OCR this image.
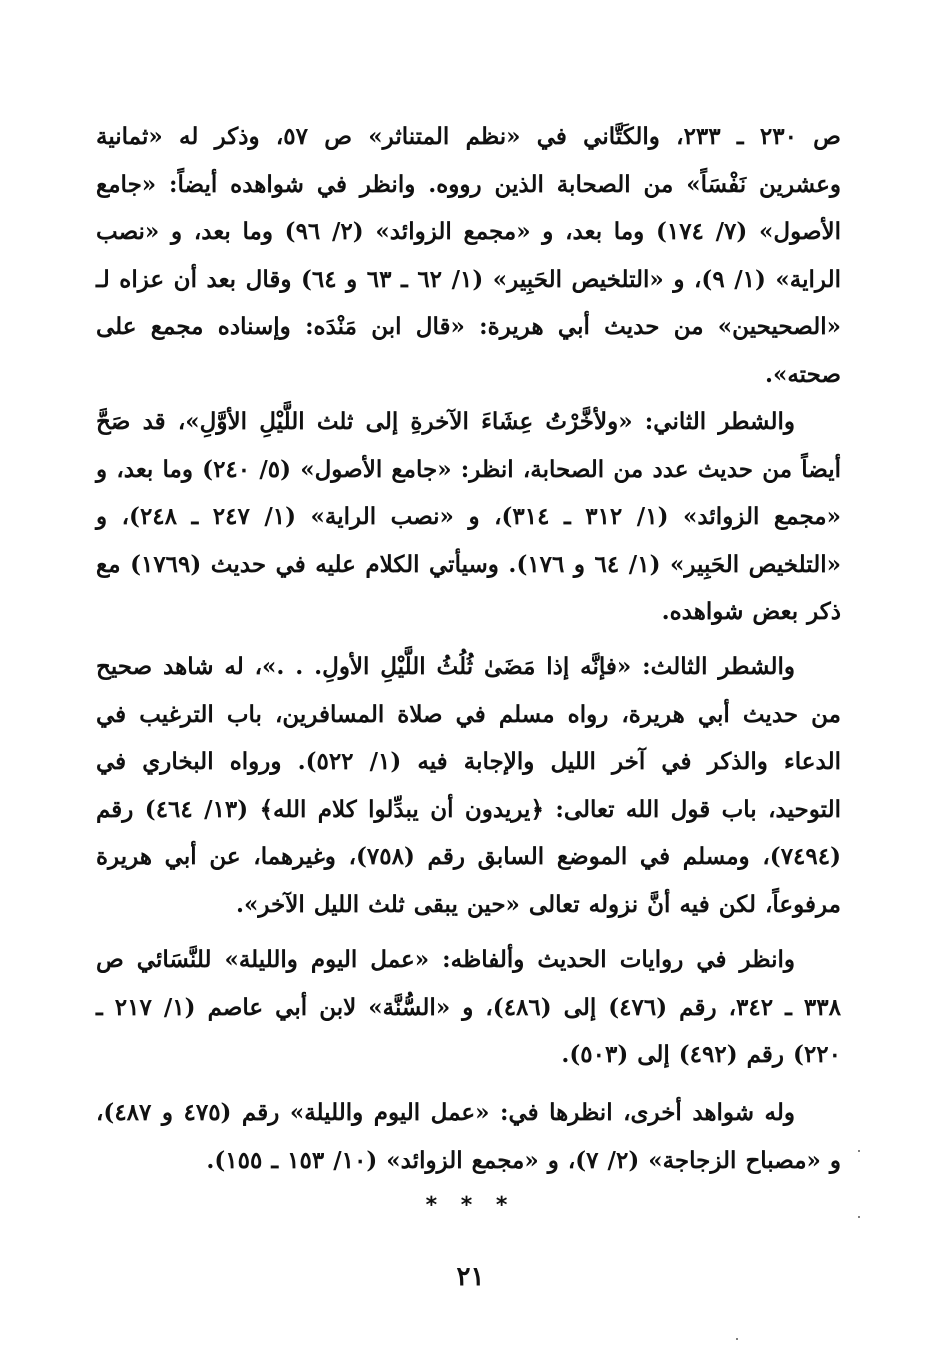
ص ٢٣٠ ـ ٢٣٣، والكَتَّاني في «نظم المتناثر» ص ٥٧، وذكر له «ثمانية وعشرين نَفْسَاً» من الصحابة الذين رووه. وانظر في شواهده أيضاً: «جامع الأصول» (٧/ ١٧٤) وما بعد، و «مجمع الزوائد» (٢/ ٩٦) وما بعد، و «نصب الراية» (١/ ٩)، و «التلخيص الحَبِير» (١/ ٦٢ ـ ٦٣ و ٦٤) وقال بعد أن عزاه لـ «الصحيحين» من حديث أبي هريرة: «قال ابن مَنْدَه: وإسناده مجمع على صحته».

والشطر الثاني: «ولأخَّرْتُ عِشَاءَ الآخرةِ إلى ثلث اللَّيْلِ الأوَّلِ»، قد صَحَّ أيضاً من حديث عدد من الصحابة، انظر: «جامع الأصول» (٥/ ٢٤٠) وما بعد، و «مجمع الزوائد» (١/ ٣١٢ ـ ٣١٤)، و «نصب الراية» (١/ ٢٤٧ ـ ٢٤٨)، و «التلخيص الحَبِير» (١/ ٦٤ و ١٧٦). وسيأتي الكلام عليه في حديث (١٧٦٩) مع ذكر بعض شواهده.

والشطر الثالث: «فإنَّه إذا مَضَىٰ ثُلُثُ اللَّيْلِ الأولِ. . .»، له شاهد صحيح من حديث أبي هريرة، رواه مسلم في صلاة المسافرين، باب الترغيب في الدعاء والذكر في آخر الليل والإجابة فيه (١/ ٥٢٢). ورواه البخاري في التوحيد، باب قول الله تعالى: ﴿يريدون أن يبدِّلوا كلام الله﴾ (١٣/ ٤٦٤) رقم (٧٤٩٤)، ومسلم في الموضع السابق رقم (٧٥٨)، وغيرهما، عن أبي هريرة مرفوعاً، لكن فيه أنَّ نزوله تعالى «حين يبقى ثلث الليل الآخر».

وانظر في روايات الحديث وألفاظه: «عمل اليوم والليلة» للنَّسَائي ص ٣٣٨ ـ ٣٤٢، رقم (٤٧٦) إلى (٤٨٦)، و «السُّنَّة» لابن أبي عاصم (١/ ٢١٧ ـ ٢٢٠) رقم (٤٩٢) إلى (٥٠٣).

وله شواهد أخرى، انظرها في: «عمل اليوم والليلة» رقم (٤٧٥ و ٤٨٧)، و «مصباح الزجاجة» (٢/ ٧)، و «مجمع الزوائد» (١٠/ ١٥٣ ـ ١٥٥).

* * *
٢١
